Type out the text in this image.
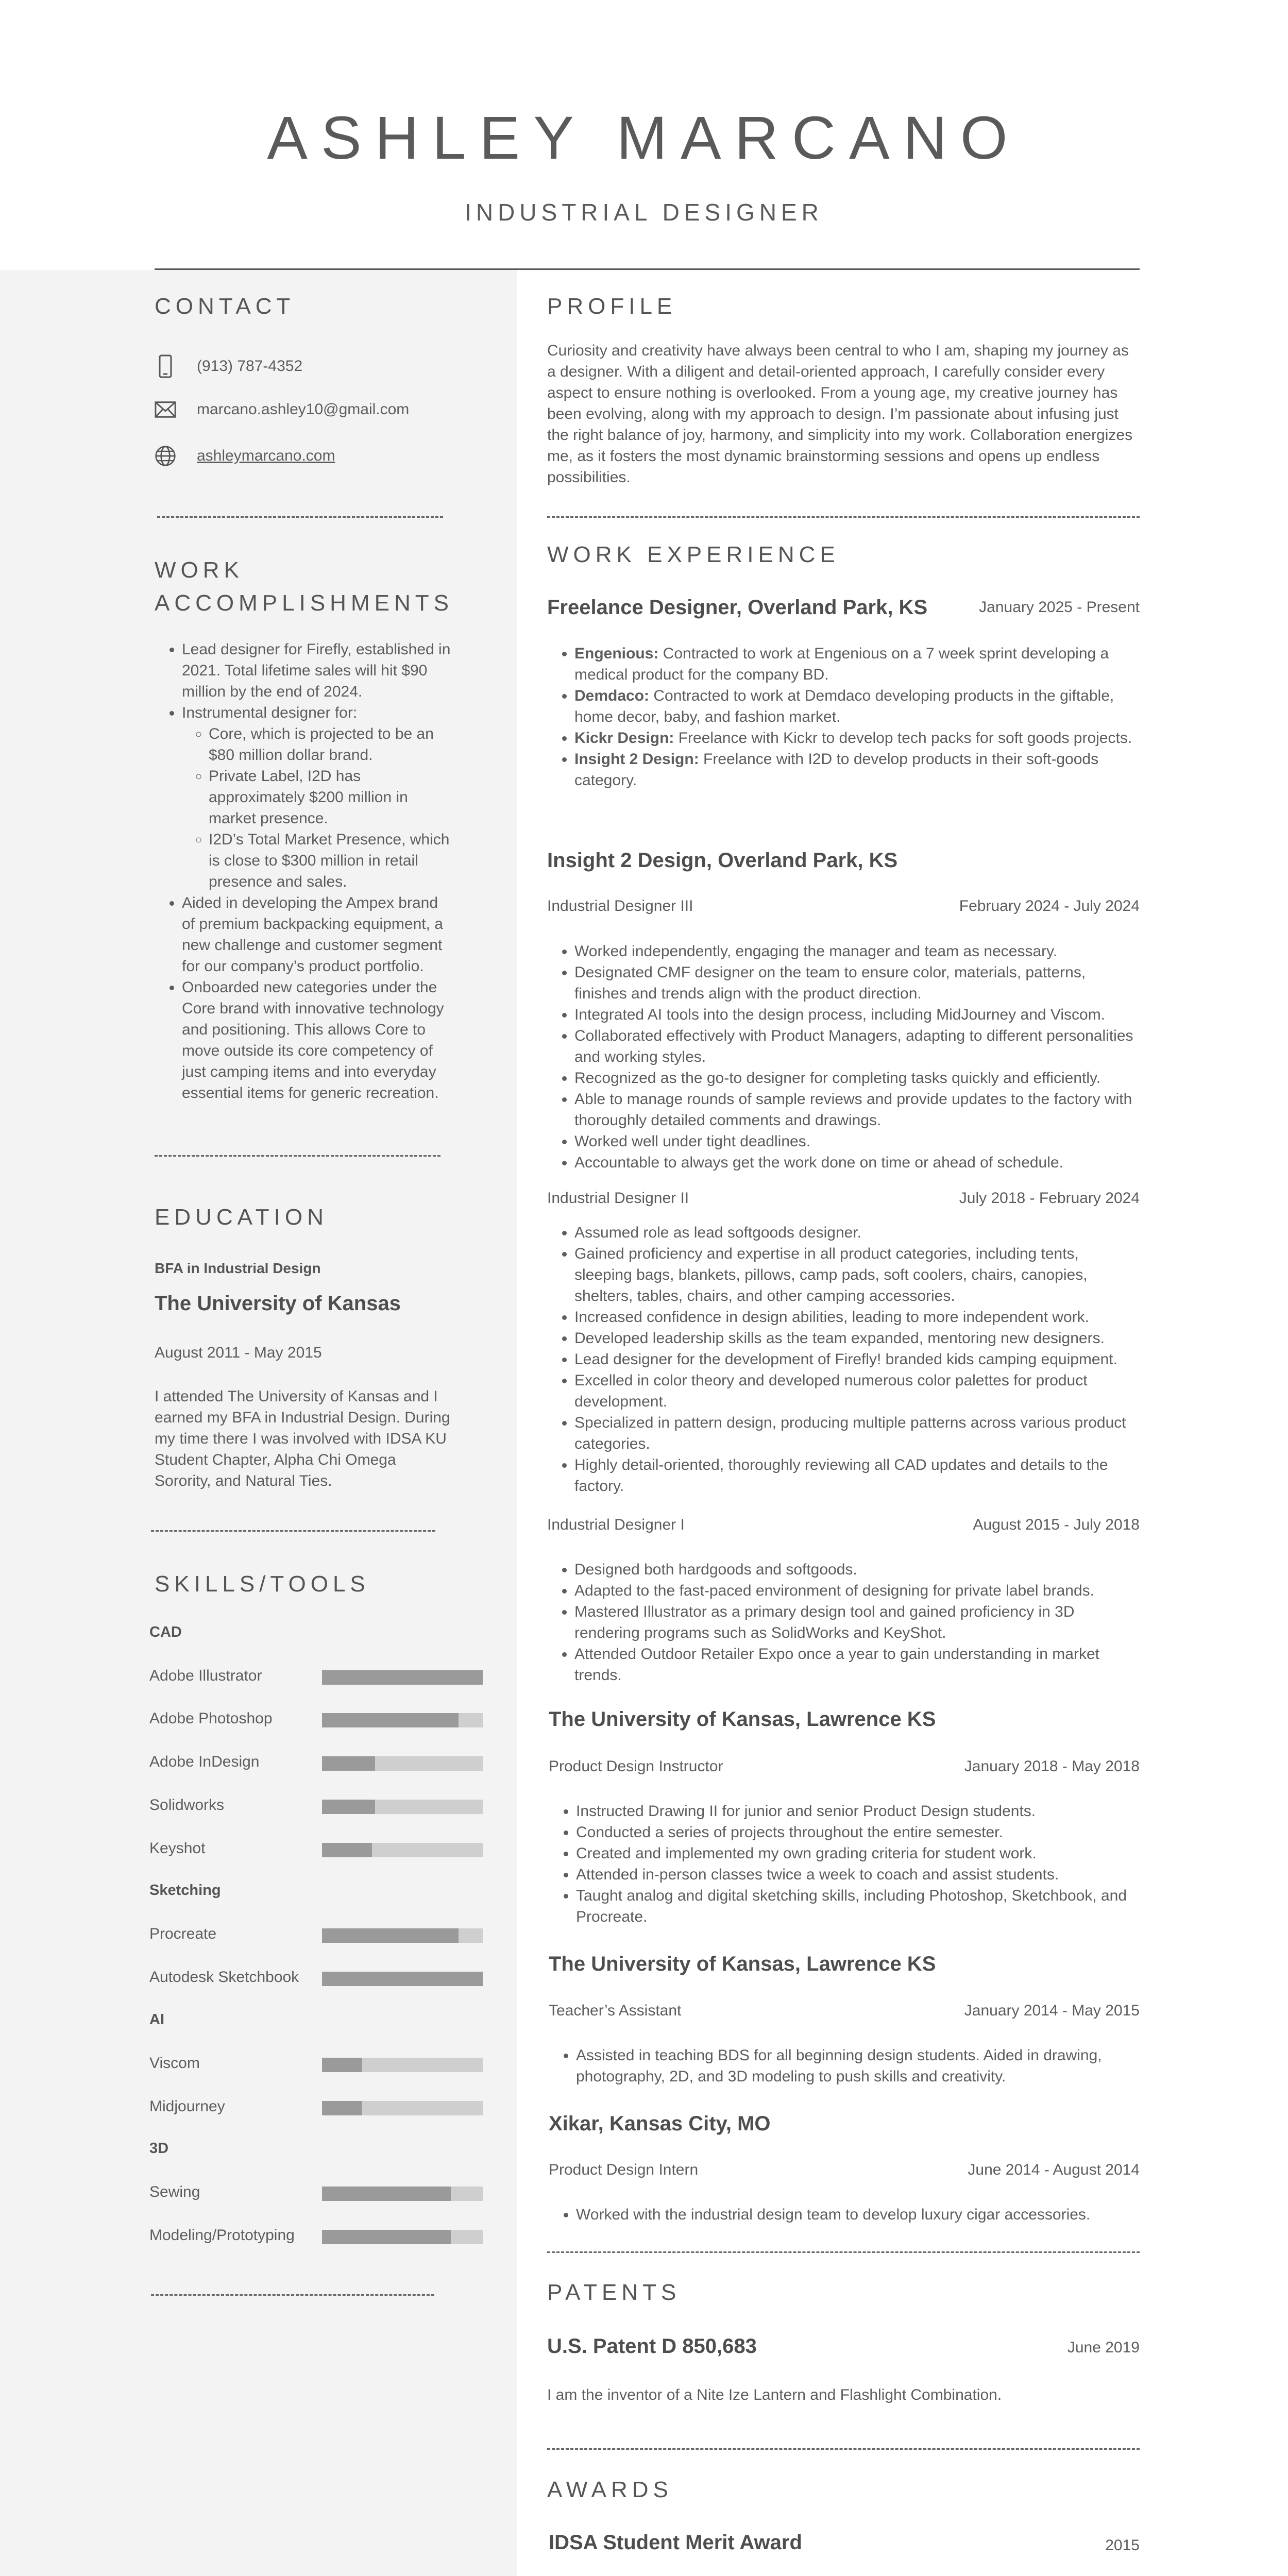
ASHLEY MARCANO
INDUSTRIAL DESIGNER
CONTACT
(913) 787-4352
marcano.ashley10@gmail.com
ashleymarcano.com
WORK
ACCOMPLISHMENTS
• Lead designer for Firefly, established in 2021. Total lifetime sales will hit $90 million by the end of 2024.
• Instrumental designer for:
◦ Core, which is projected to be an $80 million dollar brand.
◦ Private Label, I2D has approximately $200 million in market presence.
◦ I2D’s Total Market Presence, which is close to $300 million in retail presence and sales.
• Aided in developing the Ampex brand of premium backpacking equipment, a new challenge and customer segment for our company’s product portfolio.
• Onboarded new categories under the Core brand with innovative technology and positioning. This allows Core to move outside its core competency of just camping items and into everyday essential items for generic recreation.
EDUCATION
BFA in Industrial Design
The University of Kansas
August 2011 - May 2015
I attended The University of Kansas and I earned my BFA in Industrial Design. During my time there I was involved with IDSA KU Student Chapter, Alpha Chi Omega Sorority, and Natural Ties.
SKILLS/TOOLS
CAD
Adobe Illustrator
Adobe Photoshop
Adobe InDesign
Solidworks
Keyshot
Sketching
Procreate
Autodesk Sketchbook
AI
Viscom
Midjourney
3D
Sewing
Modeling/Prototyping
PROFILE
Curiosity and creativity have always been central to who I am, shaping my journey as a designer. With a diligent and detail-oriented approach, I carefully consider every aspect to ensure nothing is overlooked. From a young age, my creative journey has been evolving, along with my approach to design. I’m passionate about infusing just the right balance of joy, harmony, and simplicity into my work. Collaboration energizes me, as it fosters the most dynamic brainstorming sessions and opens up endless possibilities.
WORK EXPERIENCE
Freelance Designer, Overland Park, KS	January 2025 - Present
• Engenious: Contracted to work at Engenious on a 7 week sprint developing a medical product for the company BD.
• Demdaco: Contracted to work at Demdaco developing products in the giftable, home decor, baby, and fashion market.
• Kickr Design: Freelance with Kickr to develop tech packs for soft goods projects.
• Insight 2 Design: Freelance with I2D to develop products in their soft-goods category.
Insight 2 Design, Overland Park, KS
Industrial Designer III	February 2024 - July 2024
• Worked independently, engaging the manager and team as necessary.
• Designated CMF designer on the team to ensure color, materials, patterns, finishes and trends align with the product direction.
• Integrated AI tools into the design process, including MidJourney and Viscom.
• Collaborated effectively with Product Managers, adapting to different personalities and working styles.
• Recognized as the go-to designer for completing tasks quickly and efficiently.
• Able to manage rounds of sample reviews and provide updates to the factory with thoroughly detailed comments and drawings.
• Worked well under tight deadlines.
• Accountable to always get the work done on time or ahead of schedule.
Industrial Designer II	July 2018 - February 2024
• Assumed role as lead softgoods designer.
• Gained proficiency and expertise in all product categories, including tents, sleeping bags, blankets, pillows, camp pads, soft coolers, chairs, canopies, shelters, tables, chairs, and other camping accessories.
• Increased confidence in design abilities, leading to more independent work.
• Developed leadership skills as the team expanded, mentoring new designers.
• Lead designer for the development of Firefly! branded kids camping equipment.
• Excelled in color theory and developed numerous color palettes for product development.
• Specialized in pattern design, producing multiple patterns across various product categories.
• Highly detail-oriented, thoroughly reviewing all CAD updates and details to the factory.
Industrial Designer I	August 2015 - July 2018
• Designed both hardgoods and softgoods.
• Adapted to the fast-paced environment of designing for private label brands.
• Mastered Illustrator as a primary design tool and gained proficiency in 3D rendering programs such as SolidWorks and KeyShot.
• Attended Outdoor Retailer Expo once a year to gain understanding in market trends.
The University of Kansas, Lawrence KS
Product Design Instructor	January 2018 - May 2018
• Instructed Drawing II for junior and senior Product Design students.
• Conducted a series of projects throughout the entire semester.
• Created and implemented my own grading criteria for student work.
• Attended in-person classes twice a week to coach and assist students.
• Taught analog and digital sketching skills, including Photoshop, Sketchbook, and Procreate.
The University of Kansas, Lawrence KS
Teacher’s Assistant	January 2014 - May 2015
• Assisted in teaching BDS for all beginning design students. Aided in drawing, photography, 2D, and 3D modeling to push skills and creativity.
Xikar, Kansas City, MO
Product Design Intern	June 2014 - August 2014
• Worked with the industrial design team to develop luxury cigar accessories.
PATENTS
U.S. Patent D 850,683	June 2019
I am the inventor of a Nite Ize Lantern and Flashlight Combination.
AWARDS
IDSA Student Merit Award	2015
